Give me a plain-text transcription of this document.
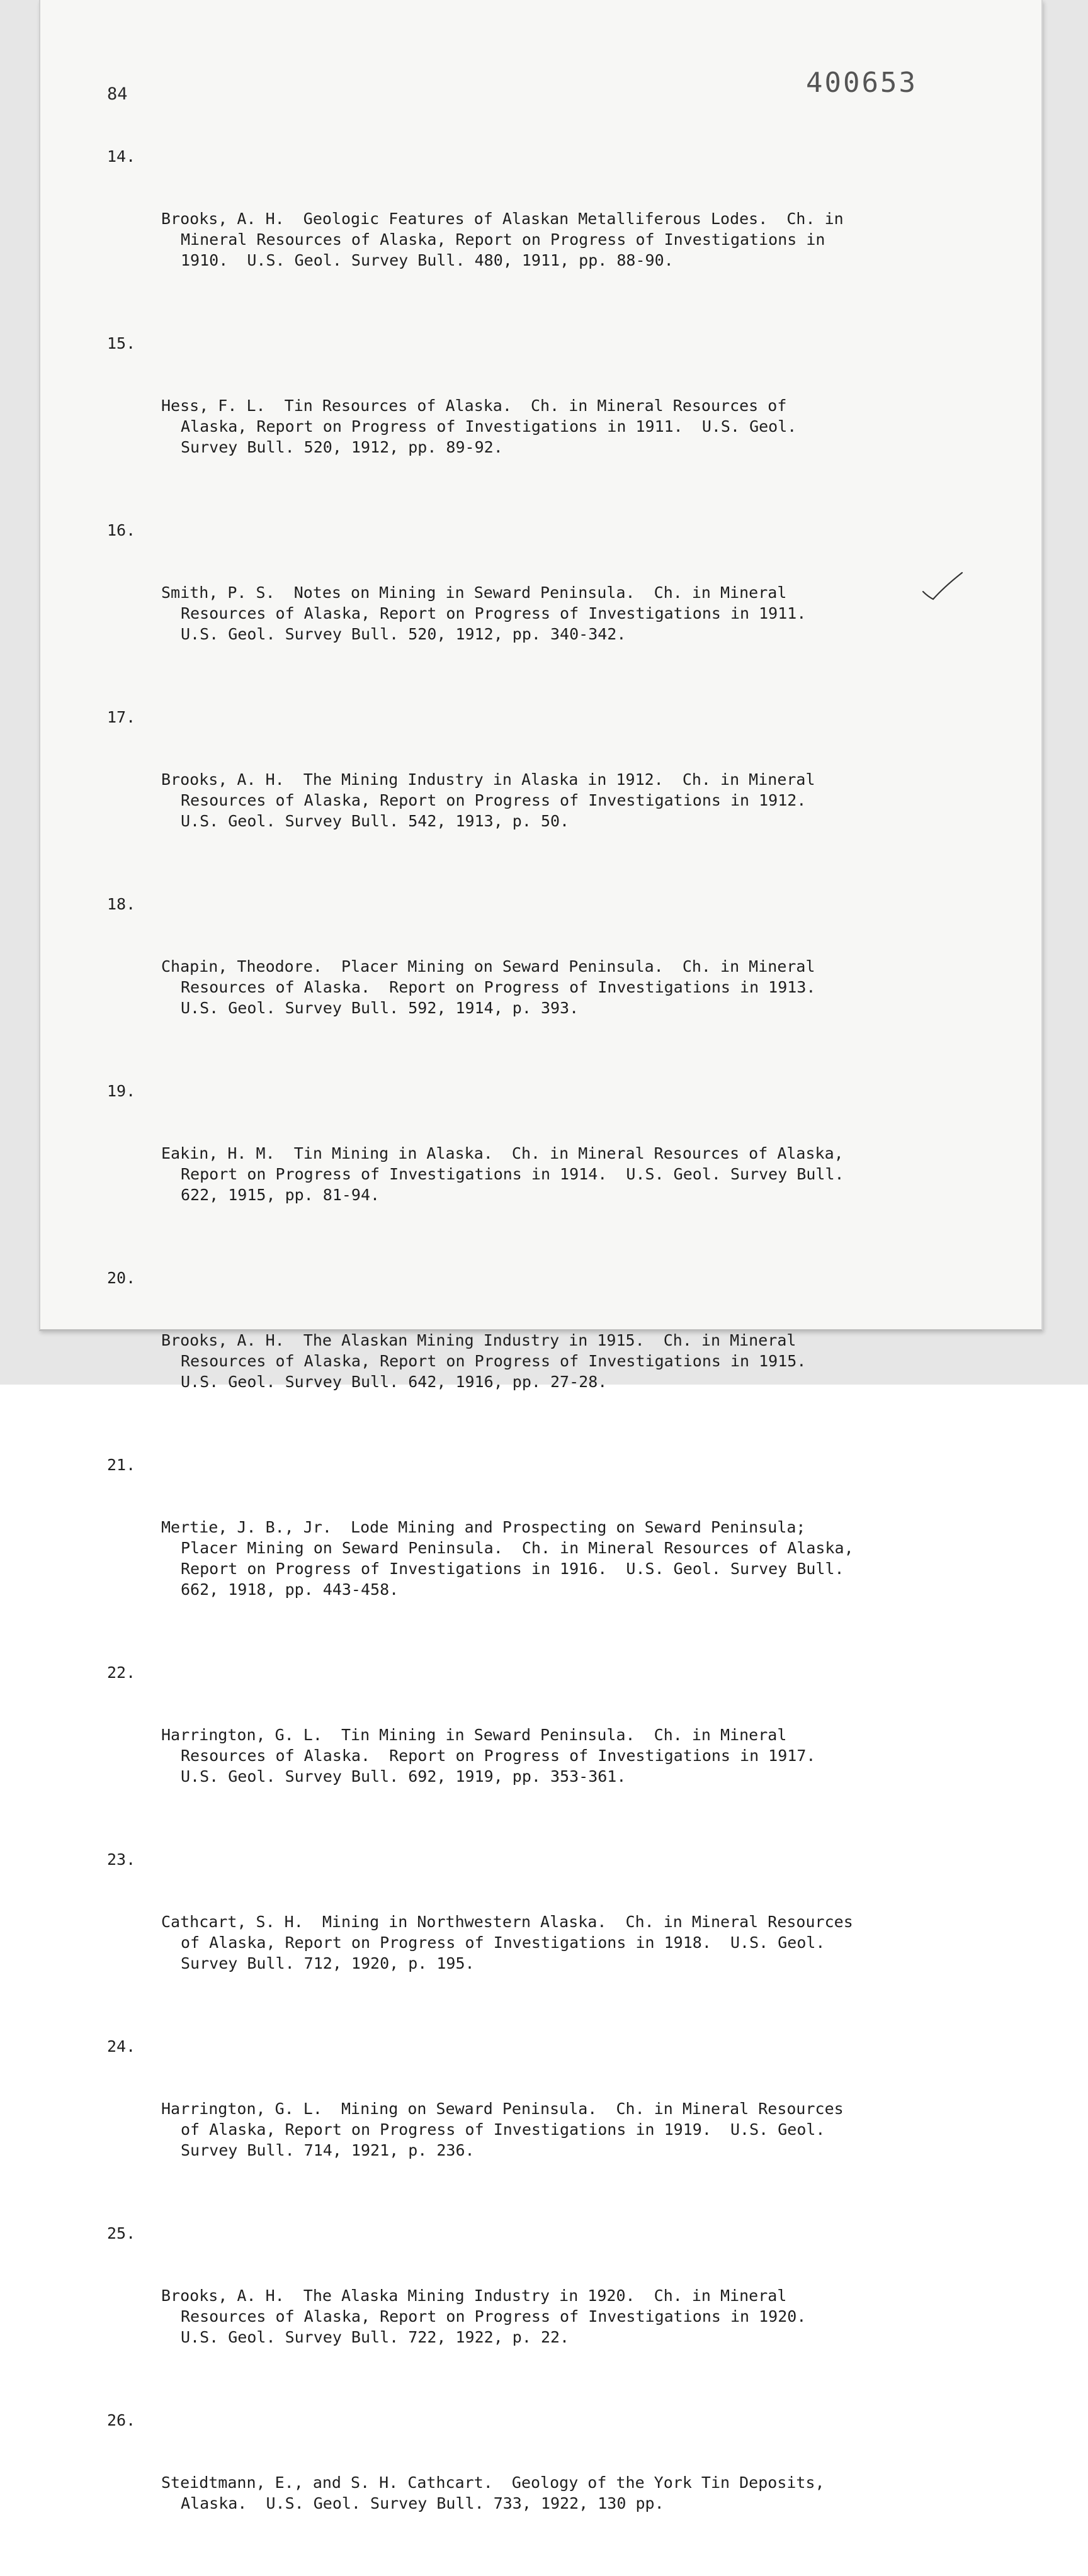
84	400653

14.

Brooks, A. H.  Geologic Features of Alaskan Metalliferous Lodes.  Ch. in
Mineral Resources of Alaska, Report on Progress of Investigations in
1910.  U.S. Geol. Survey Bull. 480, 1911, pp. 88-90.

15.

Hess, F. L.  Tin Resources of Alaska.  Ch. in Mineral Resources of
Alaska, Report on Progress of Investigations in 1911.  U.S. Geol.
Survey Bull. 520, 1912, pp. 89-92.

16.

Smith, P. S.  Notes on Mining in Seward Peninsula.  Ch. in Mineral
Resources of Alaska, Report on Progress of Investigations in 1911.
U.S. Geol. Survey Bull. 520, 1912, pp. 340-342.

17.

Brooks, A. H.  The Mining Industry in Alaska in 1912.  Ch. in Mineral
Resources of Alaska, Report on Progress of Investigations in 1912.
U.S. Geol. Survey Bull. 542, 1913, p. 50.

18.

Chapin, Theodore.  Placer Mining on Seward Peninsula.  Ch. in Mineral
Resources of Alaska.  Report on Progress of Investigations in 1913.
U.S. Geol. Survey Bull. 592, 1914, p. 393.

19.

Eakin, H. M.  Tin Mining in Alaska.  Ch. in Mineral Resources of Alaska,
Report on Progress of Investigations in 1914.  U.S. Geol. Survey Bull.
622, 1915, pp. 81-94.

20.

Brooks, A. H.  The Alaskan Mining Industry in 1915.  Ch. in Mineral
Resources of Alaska, Report on Progress of Investigations in 1915.
U.S. Geol. Survey Bull. 642, 1916, pp. 27-28.

21.

Mertie, J. B., Jr.  Lode Mining and Prospecting on Seward Peninsula;
Placer Mining on Seward Peninsula.  Ch. in Mineral Resources of Alaska,
Report on Progress of Investigations in 1916.  U.S. Geol. Survey Bull.
662, 1918, pp. 443-458.

22.

Harrington, G. L.  Tin Mining in Seward Peninsula.  Ch. in Mineral
Resources of Alaska.  Report on Progress of Investigations in 1917.
U.S. Geol. Survey Bull. 692, 1919, pp. 353-361.

23.

Cathcart, S. H.  Mining in Northwestern Alaska.  Ch. in Mineral Resources
of Alaska, Report on Progress of Investigations in 1918.  U.S. Geol.
Survey Bull. 712, 1920, p. 195.

24.

Harrington, G. L.  Mining on Seward Peninsula.  Ch. in Mineral Resources
of Alaska, Report on Progress of Investigations in 1919.  U.S. Geol.
Survey Bull. 714, 1921, p. 236.

25.

Brooks, A. H.  The Alaska Mining Industry in 1920.  Ch. in Mineral
Resources of Alaska, Report on Progress of Investigations in 1920.
U.S. Geol. Survey Bull. 722, 1922, p. 22.

26.

Steidtmann, E., and S. H. Cathcart.  Geology of the York Tin Deposits,
Alaska.  U.S. Geol. Survey Bull. 733, 1922, 130 pp.
